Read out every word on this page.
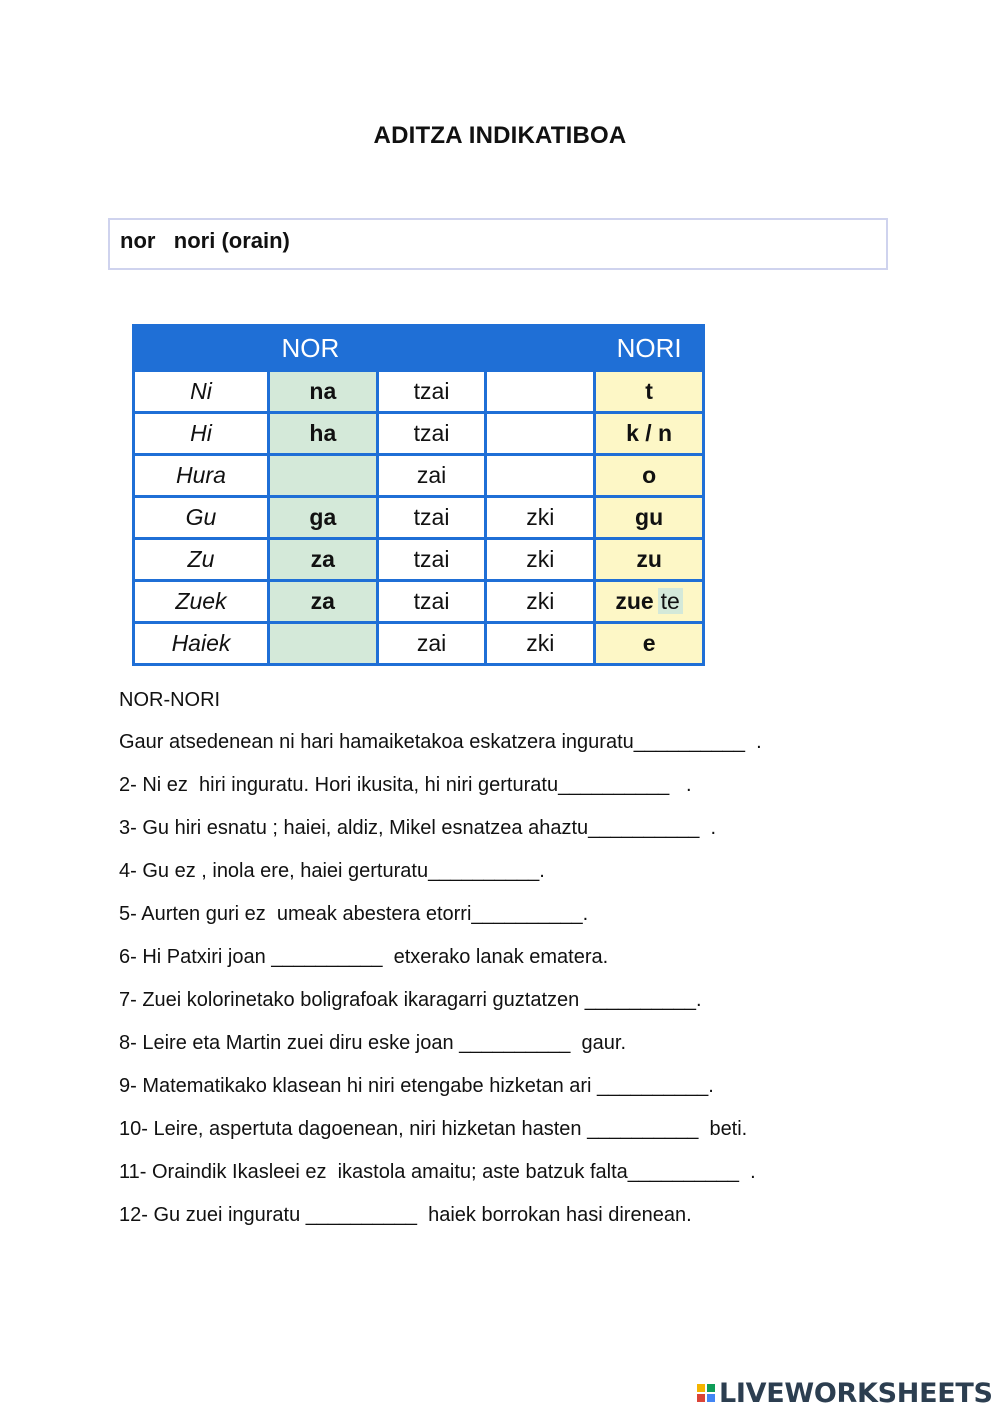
ADITZA INDIKATIBOA
nor   nori (orain)
NOR				NORI
Ni	na	tzai		t
Hi	ha	tzai		k / n
Hura		zai		o
Gu	ga	tzai	zki	gu
Zu	za	tzai	zki	zu
Zuek	za	tzai	zki	zue te
Haiek		zai	zki	e
NOR-NORI
Gaur atsedenean ni hari hamaiketakoa eskatzera inguratu__________  .
2- Ni ez  hiri inguratu. Hori ikusita, hi niri gerturatu__________   .
3- Gu hiri esnatu ; haiei, aldiz, Mikel esnatzea ahaztu__________  .
4- Gu ez , inola ere, haiei gerturatu__________.
5- Aurten guri ez  umeak abestera etorri__________.
6- Hi Patxiri joan __________  etxerako lanak ematera.
7- Zuei kolorinetako boligrafoak ikaragarri guztatzen __________.
8- Leire eta Martin zuei diru eske joan __________  gaur.
9- Matematikako klasean hi niri etengabe hizketan ari __________.
10- Leire, aspertuta dagoenean, niri hizketan hasten __________  beti.
11- Oraindik Ikasleei ez  ikastola amaitu; aste batzuk falta__________  .
12- Gu zuei inguratu __________  haiek borrokan hasi direnean.
LIVEWORKSHEETS
